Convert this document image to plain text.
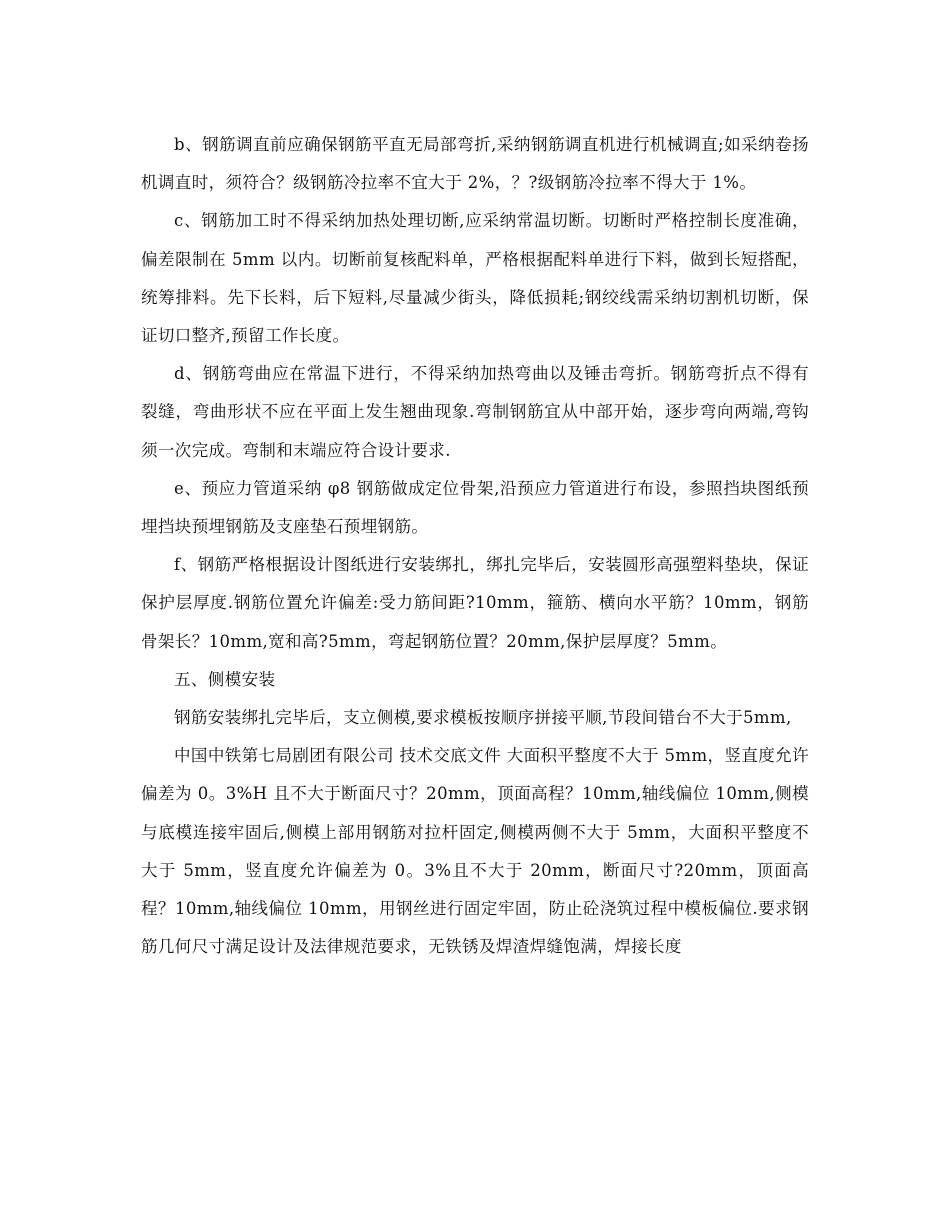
b、钢筋调直前应确保钢筋平直无局部弯折,采纳钢筋调直机进行机械调直;如采纳卷扬机调直时，须符合？级钢筋冷拉率不宜大于 2%，？?级钢筋冷拉率不得大于 1%。

c、钢筋加工时不得采纳加热处理切断,应采纳常温切断。切断时严格控制长度准确，偏差限制在 5mm 以内。切断前复核配料单，严格根据配料单进行下料，做到长短搭配，统筹排料。先下长料，后下短料,尽量减少街头，降低损耗;钢绞线需采纳切割机切断，保证切口整齐,预留工作长度。

d、钢筋弯曲应在常温下进行，不得采纳加热弯曲以及锤击弯折。钢筋弯折点不得有裂缝，弯曲形状不应在平面上发生翘曲现象.弯制钢筋宜从中部开始，逐步弯向两端,弯钩须一次完成。弯制和末端应符合设计要求.

e、预应力管道采纳 φ8 钢筋做成定位骨架,沿预应力管道进行布设，参照挡块图纸预埋挡块预埋钢筋及支座垫石预埋钢筋。

f、钢筋严格根据设计图纸进行安装绑扎，绑扎完毕后，安装圆形高强塑料垫块，保证保护层厚度.钢筋位置允许偏差:受力筋间距?10mm，箍筋、横向水平筋？10mm，钢筋骨架长？10mm,宽和高?5mm，弯起钢筋位置？20mm,保护层厚度？5mm。

五、侧模安装

钢筋安装绑扎完毕后，支立侧模,要求模板按顺序拼接平顺,节段间错台不大于5mm,

中国中铁第七局剧团有限公司 技术交底文件 大面积平整度不大于 5mm，竖直度允许偏差为 0。3%H 且不大于断面尺寸？20mm，顶面高程？10mm,轴线偏位 10mm,侧模与底模连接牢固后,侧模上部用钢筋对拉杆固定,侧模两侧不大于 5mm，大面积平整度不大于 5mm，竖直度允许偏差为 0。3%且不大于 20mm，断面尺寸?20mm，顶面高程？10mm,轴线偏位 10mm，用钢丝进行固定牢固，防止砼浇筑过程中模板偏位.要求钢筋几何尺寸满足设计及法律规范要求，无铁锈及焊渣焊缝饱满，焊接长度
